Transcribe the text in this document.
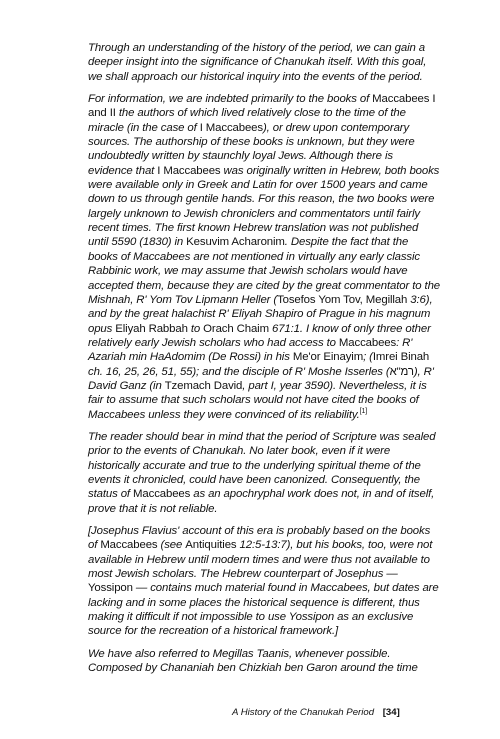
Through an understanding of the history of the period, we can gain a deeper insight into the significance of Chanukah itself. With this goal, we shall approach our historical inquiry into the events of the period.

For information, we are indebted primarily to the books of Maccabees I and II the authors of which lived relatively close to the time of the miracle (in the case of I Maccabees), or drew upon contemporary sources. The authorship of these books is unknown, but they were undoubtedly written by staunchly loyal Jews. Although there is evidence that I Maccabees was originally written in Hebrew, both books were available only in Greek and Latin for over 1500 years and came down to us through gentile hands. For this reason, the two books were largely unknown to Jewish chroniclers and commentators until fairly recent times. The first known Hebrew translation was not published until 5590 (1830) in Kesuvim Acharonim. Despite the fact that the books of Maccabees are not mentioned in virtually any early classic Rabbinic work, we may assume that Jewish scholars would have accepted them, because they are cited by the great commentator to the Mishnah, R' Yom Tov Lipmann Heller (Tosefos Yom Tov, Megillah 3:6), and by the great halachist R' Eliyah Shapiro of Prague in his magnum opus Eliyah Rabbah to Orach Chaim 671:1. I know of only three other relatively early Jewish scholars who had access to Maccabees: R' Azariah min HaAdomim (De Rossi) in his Me'or Einayim; (Imrei Binah ch. 16, 25, 26, 51, 55); and the disciple of R' Moshe Isserles (רמ"א), R' David Ganz (in Tzemach David, part I, year 3590). Nevertheless, it is fair to assume that such scholars would not have cited the books of Maccabees unless they were convinced of its reliability.[1]

The reader should bear in mind that the period of Scripture was sealed prior to the events of Chanukah. No later book, even if it were historically accurate and true to the underlying spiritual theme of the events it chronicled, could have been canonized. Consequently, the status of Maccabees as an apochryphal work does not, in and of itself, prove that it is not reliable.

[Josephus Flavius' account of this era is probably based on the books of Maccabees (see Antiquities 12:5-13:7), but his books, too, were not available in Hebrew until modern times and were thus not available to most Jewish scholars. The Hebrew counterpart of Josephus — Yossipon — contains much material found in Maccabees, but dates are lacking and in some places the historical sequence is different, thus making it difficult if not impossible to use Yossipon as an exclusive source for the recreation of a historical framework.]

We have also referred to Megillas Taanis, whenever possible. Composed by Chananiah ben Chizkiah ben Garon around the time

A History of the Chanukah Period [34]
